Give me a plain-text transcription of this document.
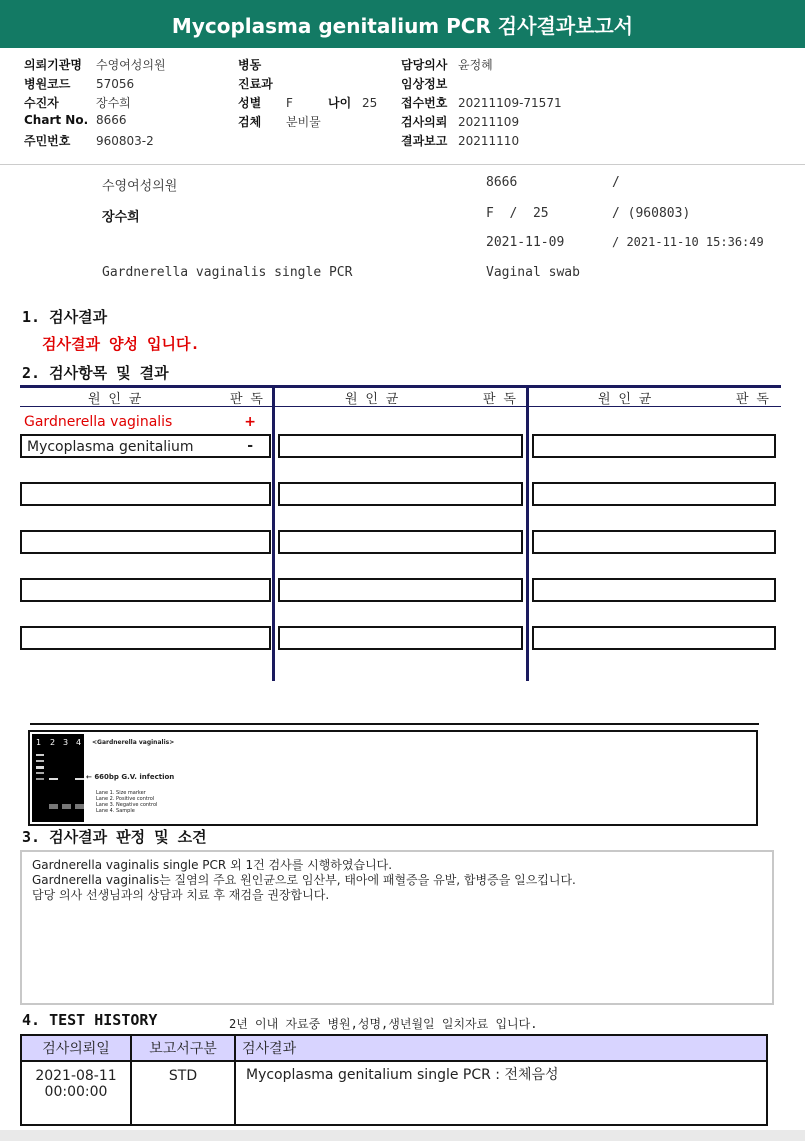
Mycoplasma genitalium PCR 검사결과보고서
의뢰기관명 수영여성의원
병원코드 57056
수진자	장수희
Chart No. 8666
주민번호 960803-2
병동
진료과
성별 F	나이 25
검체 분비물
담당의사 윤정혜
임상정보
접수번호 20211109-71571
검사의뢰 20211109
결과보고 20211110
수영여성의원	8666	/
장수희	F  /  25	/ (960803)
2021-11-09	/ 2021-11-10 15:36:49
Gardnerella vaginalis single PCR	Vaginal swab
1. 검사결과
검사결과 양성 입니다.
2. 검사항목 및 결과
원 인 균	판 독	원 인 균	판 독	원 인 균	판 독
Gardnerella vaginalis	+
Mycoplasma genitalium	-
1 2 3 4 <Gardnerella vaginalis>
← 660bp G.V. infection
Lane 1. Size marker
Lane 2. Positive control
Lane 3. Negative control
Lane 4. Sample
3. 검사결과 판정 및 소견
Gardnerella vaginalis single PCR 외 1건 검사를 시행하였습니다.
Gardnerella vaginalis는 질염의 주요 원인균으로 임산부, 태아에 패혈증을 유발, 합병증을 일으킵니다.
담당 의사 선생님과의 상담과 치료 후 재검을 권장합니다.
4. TEST HISTORY	2년 이내 자료중 병원,성명,생년월일 일치자료 입니다.
검사의뢰일	보고서구분	검사결과

2021-08-11
00:00:00	STD	Mycoplasma genitalium single PCR : 전체음성
